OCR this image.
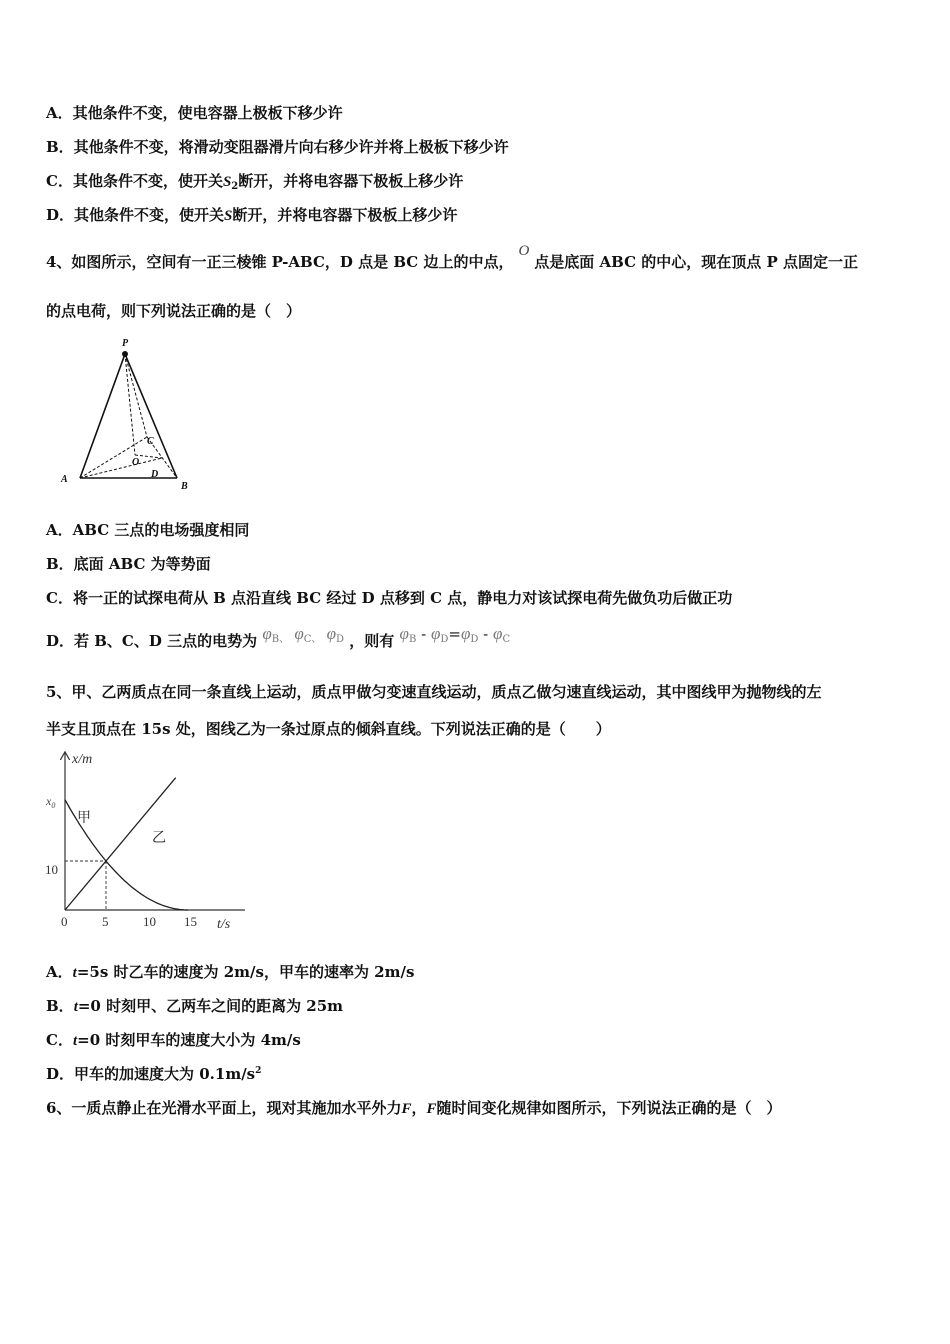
A．其他条件不变，使电容器上极板下移少许
B．其他条件不变，将滑动变阻器滑片向右移少许并将上极板下移少许
C．其他条件不变，使开关$S_2$断开，并将电容器下极板上移少许
D．其他条件不变，使开关S断开，并将电容器下极板上移少许
4、如图所示，空间有一正三棱锥 P-ABC，D 点是 BC 边上的中点，O点是底面 ABC 的中心，现在顶点 P 点固定一正
的点电荷，则下列说法正确的是（　）
P
A
B
C
O
D
A．ABC 三点的电场强度相同
B．底面 ABC 为等势面
C．将一正的试探电荷从 B 点沿直线 BC 经过 D 点移到 C 点，静电力对该试探电荷先做负功后做正功
D．若 B、C、D 三点的电势为 $\varphi_{B、}$ $\varphi_{C、}$ $\varphi_D$ ，则有 $\varphi_B - \varphi_D=\varphi_D - \varphi_C$
5、甲、乙两质点在同一条直线上运动，质点甲做匀变速直线运动，质点乙做匀速直线运动，其中图线甲为抛物线的左
半支且顶点在 15s 处，图线乙为一条过原点的倾斜直线。下列说法正确的是（　　）
x/m
t/s
$x_0$
10
0	5	10 15
甲
乙
A．t=5s 时乙车的速度为 2m/s，甲车的速率为 2m/s
B．t=0 时刻甲、乙两车之间的距离为 25m
C．t=0 时刻甲车的速度大小为 4m/s
D．甲车的加速度大为 $0.1m/s^2$
6、一质点静止在光滑水平面上，现对其施加水平外力F，F随时间变化规律如图所示，下列说法正确的是（　）
